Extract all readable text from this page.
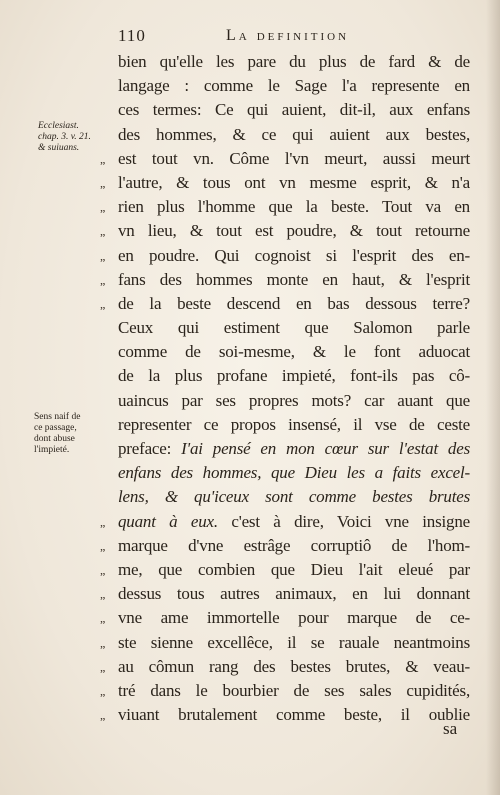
110	La definition
Ecclesiast.
chap. 3. v. 21.
& suiuans.
Sens naif de
ce passage,
dont abuse
l'impieté.
bien qu'elle les pare du plus de fard & de
langage : comme le Sage l'a represente en
ces termes: Ce qui auient, dit-il, aux enfans
des hommes, & ce qui auient aux bestes,
„ est tout vn. Côme l'vn meurt, aussi meurt
„ l'autre, & tous ont vn mesme esprit, & n'a
„ rien plus l'homme que la beste. Tout va en
„ vn lieu, & tout est poudre, & tout retourne
„ en poudre. Qui cognoist si l'esprit des en-
„ fans des hommes monte en haut, & l'esprit
„ de la beste descend en bas dessous terre?
Ceux qui estiment que Salomon parle
comme de soi-mesme, & le font aduocat
de la plus profane impieté, font-ils pas cô-
uaincus par ses propres mots? car auant que
representer ce propos insensé, il vse de ceste
preface: I'ai pensé en mon cœur sur l'estat des
enfans des hommes, que Dieu les a faits excel-
lens, & qu'iceux sont comme bestes brutes
„ quant à eux. c'est à dire, Voici vne insigne
„ marque d'vne estrâge corruptiô de l'hom-
„ me, que combien que Dieu l'ait eleué par
„ dessus tous autres animaux, en lui donnant
„ vne ame immortelle pour marque de ce-
„ ste sienne excellêce, il se rauale neantmoins
„ au cômun rang des bestes brutes, & veau-
„ tré dans le bourbier de ses sales cupidités,
„ viuant brutalement comme beste, il oublie
sa
